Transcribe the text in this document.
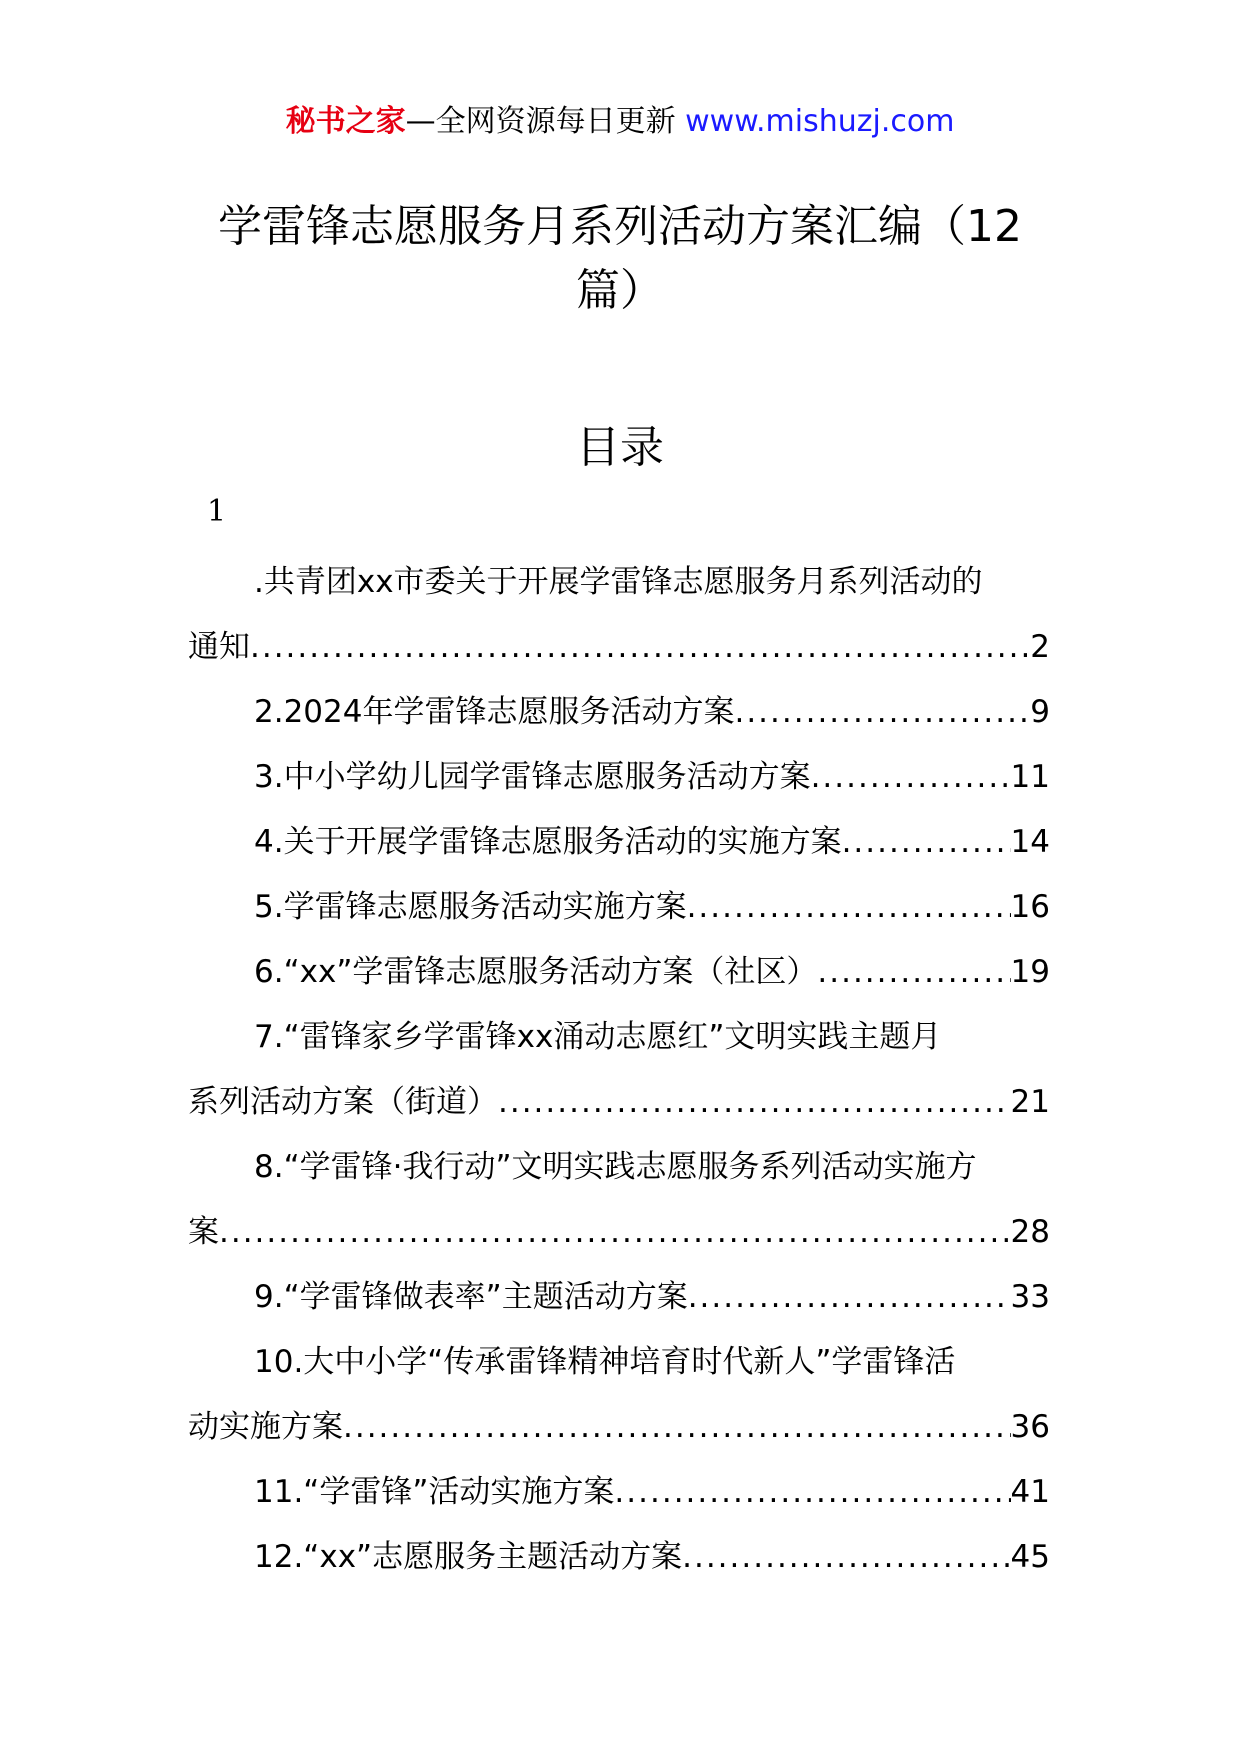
秘书之家—全网资源每日更新 www.mishuzj.com
学雷锋志愿服务月系列活动方案汇编（12篇）
目录
1
.共青团xx市委关于开展学雷锋志愿服务月系列活动的
通知 .....	2
2.2024年学雷锋志愿服务活动方案 .....	9
3.中小学幼儿园学雷锋志愿服务活动方案 .....	11
4.关于开展学雷锋志愿服务活动的实施方案 .....	14
5.学雷锋志愿服务活动实施方案 .....	16
6.“xx”学雷锋志愿服务活动方案（社区） .....	19
7.“雷锋家乡学雷锋xx涌动志愿红”文明实践主题月
系列活动方案（街道） .....	21
8.“学雷锋·我行动”文明实践志愿服务系列活动实施方
案 .....	28
9.“学雷锋做表率”主题活动方案 .....	33
10.大中小学“传承雷锋精神培育时代新人”学雷锋活
动实施方案 .....	36
11.“学雷锋”活动实施方案 .....	41
12.“xx”志愿服务主题活动方案 .....	45
